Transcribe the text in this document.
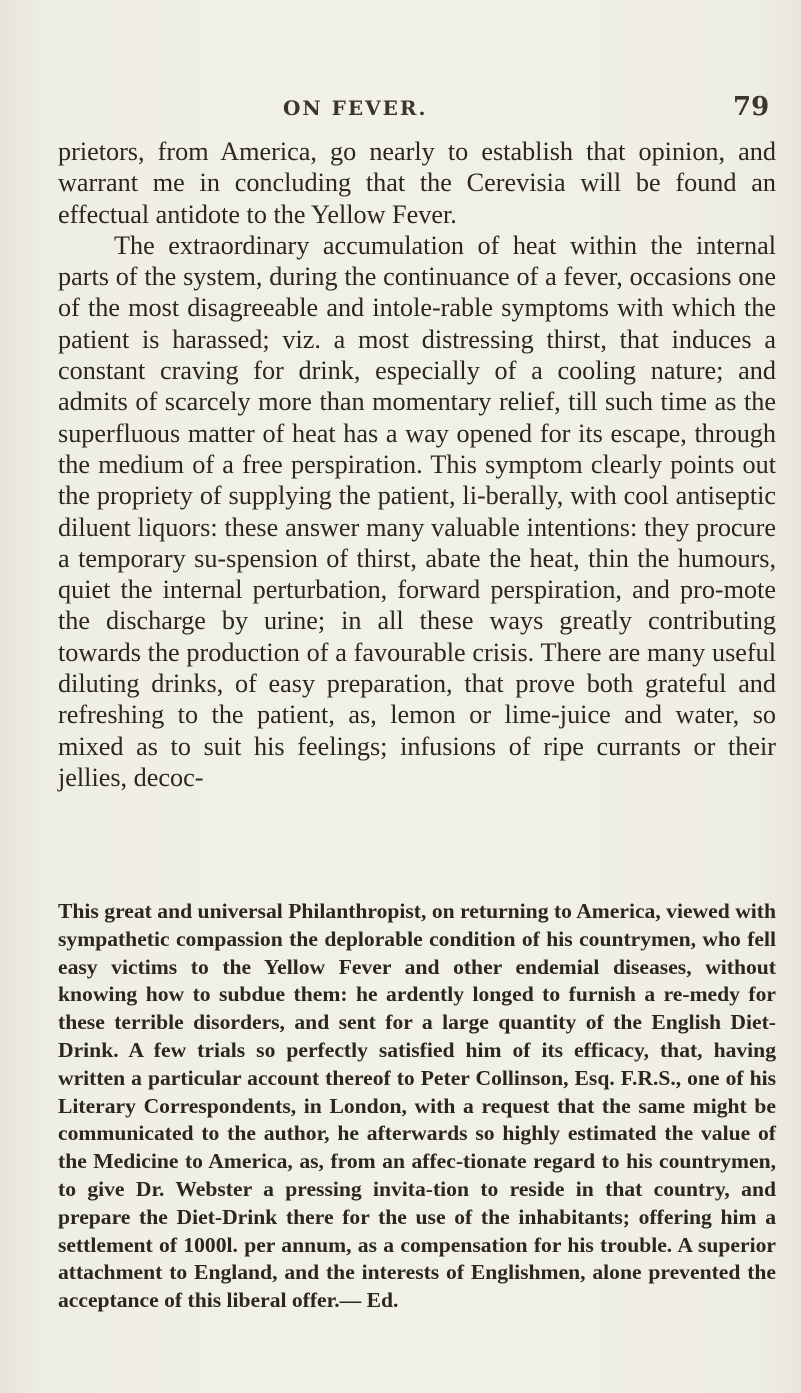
ON FEVER.	79

prietors, from America, go nearly to establish that opinion, and warrant me in concluding that the Cerevisia will be found an effectual antidote to the Yellow Fever.

The extraordinary accumulation of heat within the internal parts of the system, during the continuance of a fever, occasions one of the most disagreeable and intole-rable symptoms with which the patient is harassed; viz. a most distressing thirst, that induces a constant craving for drink, especially of a cooling nature; and admits of scarcely more than momentary relief, till such time as the superfluous matter of heat has a way opened for its escape, through the medium of a free perspiration. This symptom clearly points out the propriety of supplying the patient, li-berally, with cool antiseptic diluent liquors: these answer many valuable intentions: they procure a temporary su-spension of thirst, abate the heat, thin the humours, quiet the internal perturbation, forward perspiration, and pro-mote the discharge by urine; in all these ways greatly contributing towards the production of a favourable crisis. There are many useful diluting drinks, of easy preparation, that prove both grateful and refreshing to the patient, as, lemon or lime-juice and water, so mixed as to suit his feelings; infusions of ripe currants or their jellies, decoc-

This great and universal Philanthropist, on returning to America, viewed with sympathetic compassion the deplorable condition of his countrymen, who fell easy victims to the Yellow Fever and other endemial diseases, without knowing how to subdue them: he ardently longed to furnish a re-medy for these terrible disorders, and sent for a large quantity of the English Diet-Drink. A few trials so perfectly satisfied him of its efficacy, that, having written a particular account thereof to Peter Collinson, Esq. F.R.S., one of his Literary Correspondents, in London, with a request that the same might be communicated to the author, he afterwards so highly estimated the value of the Medicine to America, as, from an affec-tionate regard to his countrymen, to give Dr. Webster a pressing invita-tion to reside in that country, and prepare the Diet-Drink there for the use of the inhabitants; offering him a settlement of 1000l. per annum, as a compensation for his trouble. A superior attachment to England, and the interests of Englishmen, alone prevented the acceptance of this liberal offer.— Ed.
